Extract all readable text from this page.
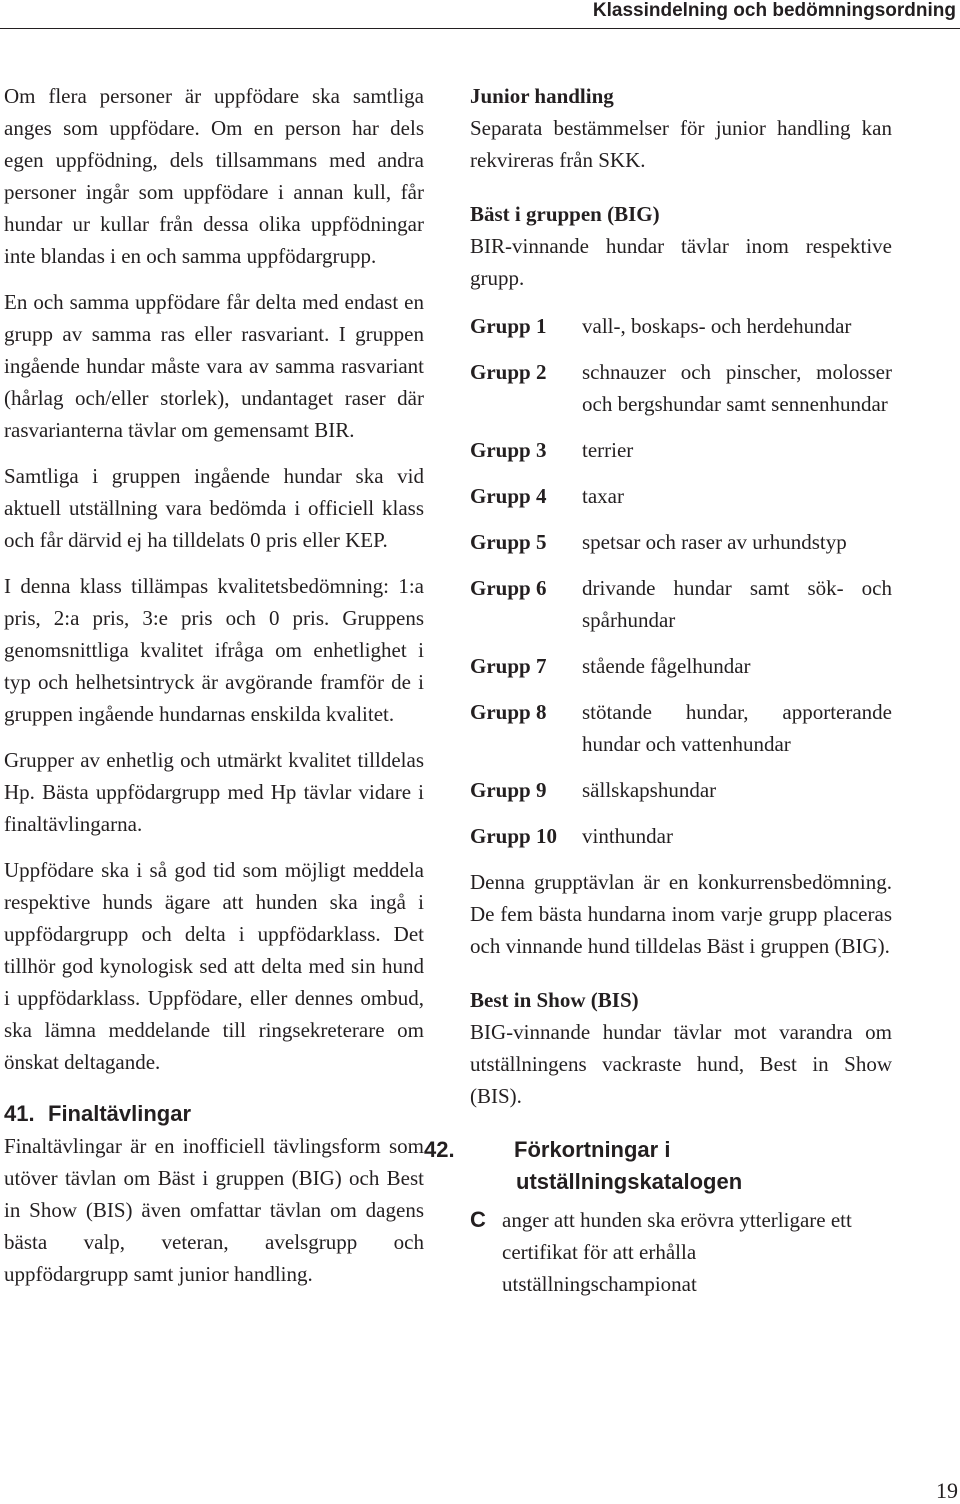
Klassindelning och bedömningsordning

Om flera personer är uppfödare ska samtliga anges som uppfödare. Om en person har dels egen uppfödning, dels tillsammans med andra personer ingår som uppfödare i annan kull, får hundar ur kullar från dessa olika uppfödningar inte blandas i en och samma uppfödargrupp.

En och samma uppfödare får delta med endast en grupp av samma ras eller rasvariant. I gruppen ingående hundar måste vara av samma rasvariant (hårlag och/eller storlek), undantaget raser där rasvarianterna tävlar om gemensamt BIR.

Samtliga i gruppen ingående hundar ska vid aktuell utställning vara bedömda i officiell klass och får därvid ej ha tilldelats 0 pris eller KEP.

I denna klass tillämpas kvalitetsbedömning: 1:a pris, 2:a pris, 3:e pris och 0 pris. Gruppens genomsnittliga kvalitet ifråga om enhetlighet i typ och helhetsintryck är avgörande framför de i gruppen ingående hundarnas enskilda kvalitet.

Grupper av enhetlig och utmärkt kvalitet tilldelas Hp. Bästa uppfödargrupp med Hp tävlar vidare i finaltävlingarna.

Uppfödare ska i så god tid som möjligt meddela respektive hunds ägare att hunden ska ingå i uppfödargrupp och delta i uppfödarklass. Det tillhör god kynologisk sed att delta med sin hund i uppfödarklass. Uppfödare, eller dennes ombud, ska lämna meddelande till ringsekreterare om önskat deltagande.

41. Finaltävlingar

Finaltävlingar är en inofficiell tävlingsform som utöver tävlan om Bäst i gruppen (BIG) och Best in Show (BIS) även omfattar tävlan om dagens bästa valp, veteran, avelsgrupp och uppfödargrupp samt junior handling.

Junior handling

Separata bestämmelser för junior handling kan rekvireras från SKK.

Bäst i gruppen (BIG)

BIR-vinnande hundar tävlar inom respektive grupp.

Grupp 1	vall-, boskaps- och herdehundar
Grupp 2	schnauzer och pinscher, molosser och bergshundar samt sennenhundar
Grupp 3	terrier
Grupp 4	taxar
Grupp 5	spetsar och raser av urhundstyp
Grupp 6	drivande hundar samt sök- och spårhundar
Grupp 7	stående fågelhundar
Grupp 8	stötande hundar, apporterande hundar och vattenhundar
Grupp 9	sällskapshundar
Grupp 10	vinthundar

Denna grupptävlan är en konkurrensbedömning. De fem bästa hundarna inom varje grupp placeras och vinnande hund tilldelas Bäst i gruppen (BIG).

Best in Show (BIS)

BIG-vinnande hundar tävlar mot varandra om utställningens vackraste hund, Best in Show (BIS).

42.	Förkortningar i utställningskatalogen
C anger att hunden ska erövra ytterligare ett certifikat för att erhålla utställningschampionat
19
